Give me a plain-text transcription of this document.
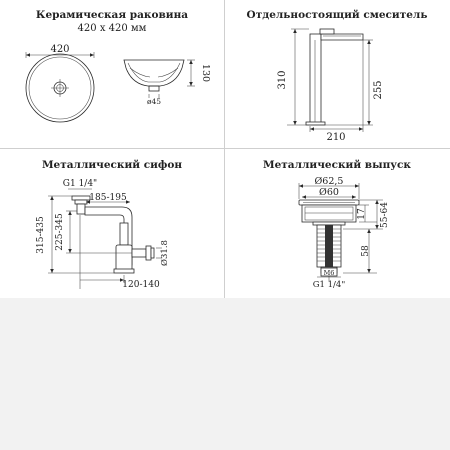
Керамическая раковина
420 x 420 мм
420
130
ø45
Отдельностоящий смеситель
310
255
210
Металлический сифон
G1 1/4"
185-195
315-435 225-345
Ø31.8
120-140
Металлический выпуск
Ø62,5
Ø60
17 55-64
58
M6
G1 1/4"
